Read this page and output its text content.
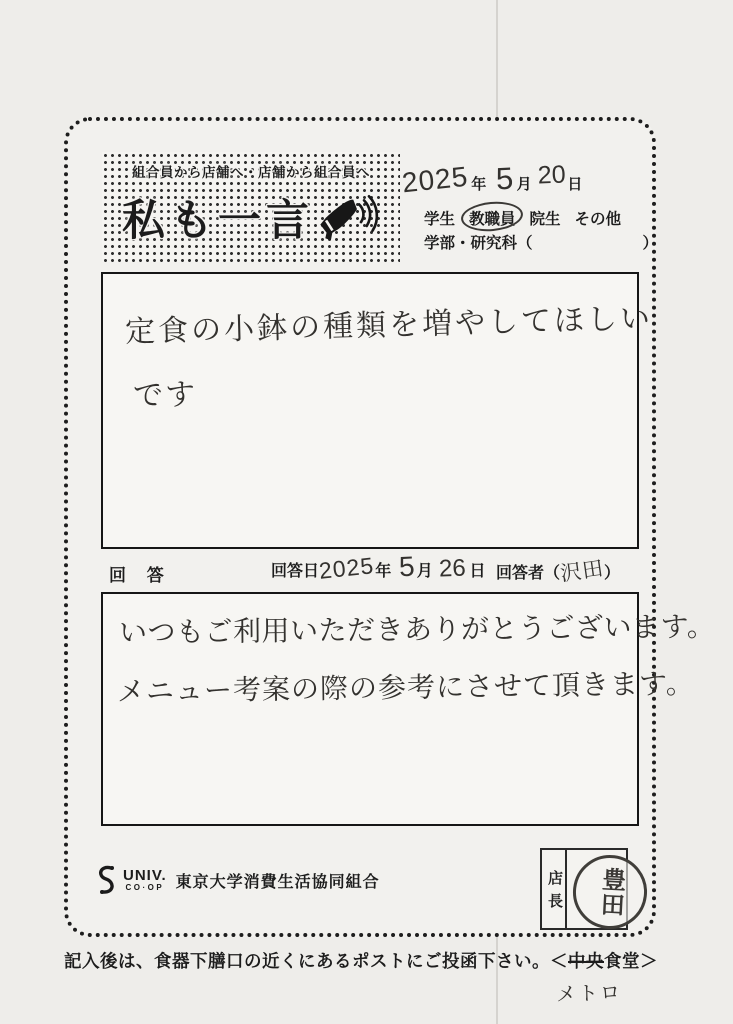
組合員から店舗へ・店舗から組合員へ
私も一言
2025 年 5 月 20 日
学生 教職員 院生 その他
学部・研究科（	）
定食の小鉢の種類を増やしてほしい
です
回 答	回答日
2025 年 5 月 26 日 回答者（
沢田
）
いつもご利用いただきありがとうございます。
メニュー考案の際の参考にさせて頂きます。
UNIV.
CO·OP 東京大学消費生活協同組合	店長 豊田
記入後は、食器下膳口の近くにあるポストにご投函下さい。＜中央食堂＞
メトロ
